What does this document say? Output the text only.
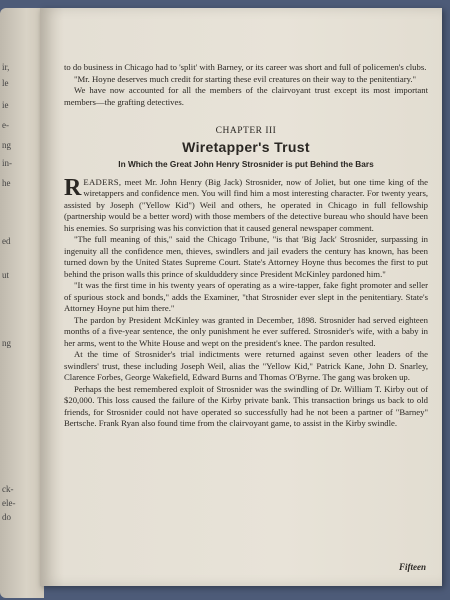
ir,
le
ie
e-
ng
in-
he
ed
ut
ng
ck-
ele-
do

to do business in Chicago had to 'split' with Barney, or its career was short and full of policemen's clubs.

"Mr. Hoyne deserves much credit for starting these evil creatures on their way to the penitentiary."

We have now accounted for all the members of the clairvoyant trust except its most important members—the grafting detectives.

CHAPTER III
Wiretapper's Trust
In Which the Great John Henry Strosnider is put Behind the Bars

READERS, meet Mr. John Henry (Big Jack) Strosnider, now of Joliet, but one time king of the wiretappers and confidence men. You will find him a most interesting character. For twenty years, assisted by Joseph ("Yellow Kid") Weil and others, he operated in Chicago in full fellowship (partnership would be a better word) with those members of the detective bureau who should have been his enemies. So surprising was his conviction that it caused general newspaper comment.

"The full meaning of this," said the Chicago Tribune, "is that 'Big Jack' Strosnider, surpassing in ingenuity all the confidence men, thieves, swindlers and jail evaders the century has known, has been turned down by the United States Supreme Court. State's Attorney Hoyne thus becomes the first to put behind the prison walls this prince of skulduddery since President McKinley pardoned him."

"It was the first time in his twenty years of operating as a wire-tapper, fake fight promoter and seller of spurious stock and bonds," adds the Examiner, "that Strosnider ever slept in the penitentiary. State's Attorney Hoyne put him there."

The pardon by President McKinley was granted in December, 1898. Strosnider had served eighteen months of a five-year sentence, the only punishment he ever suffered. Strosnider's wife, with a baby in her arms, went to the White House and wept on the president's knee. The pardon resulted.

At the time of Strosnider's trial indictments were returned against seven other leaders of the swindlers' trust, these including Joseph Weil, alias the "Yellow Kid," Patrick Kane, John D. Snarley, Clarence Forbes, George Wakefield, Edward Burns and Thomas O'Byrne. The gang was broken up.

Perhaps the best remembered exploit of Strosnider was the swindling of Dr. William T. Kirby out of $20,000. This loss caused the failure of the Kirby private bank. This transaction brings us back to old friends, for Strosnider could not have operated so successfully had he not been a partner of "Barney" Bertsche. Frank Ryan also found time from the clairvoyant game, to assist in the Kirby swindle.

Fifteen
